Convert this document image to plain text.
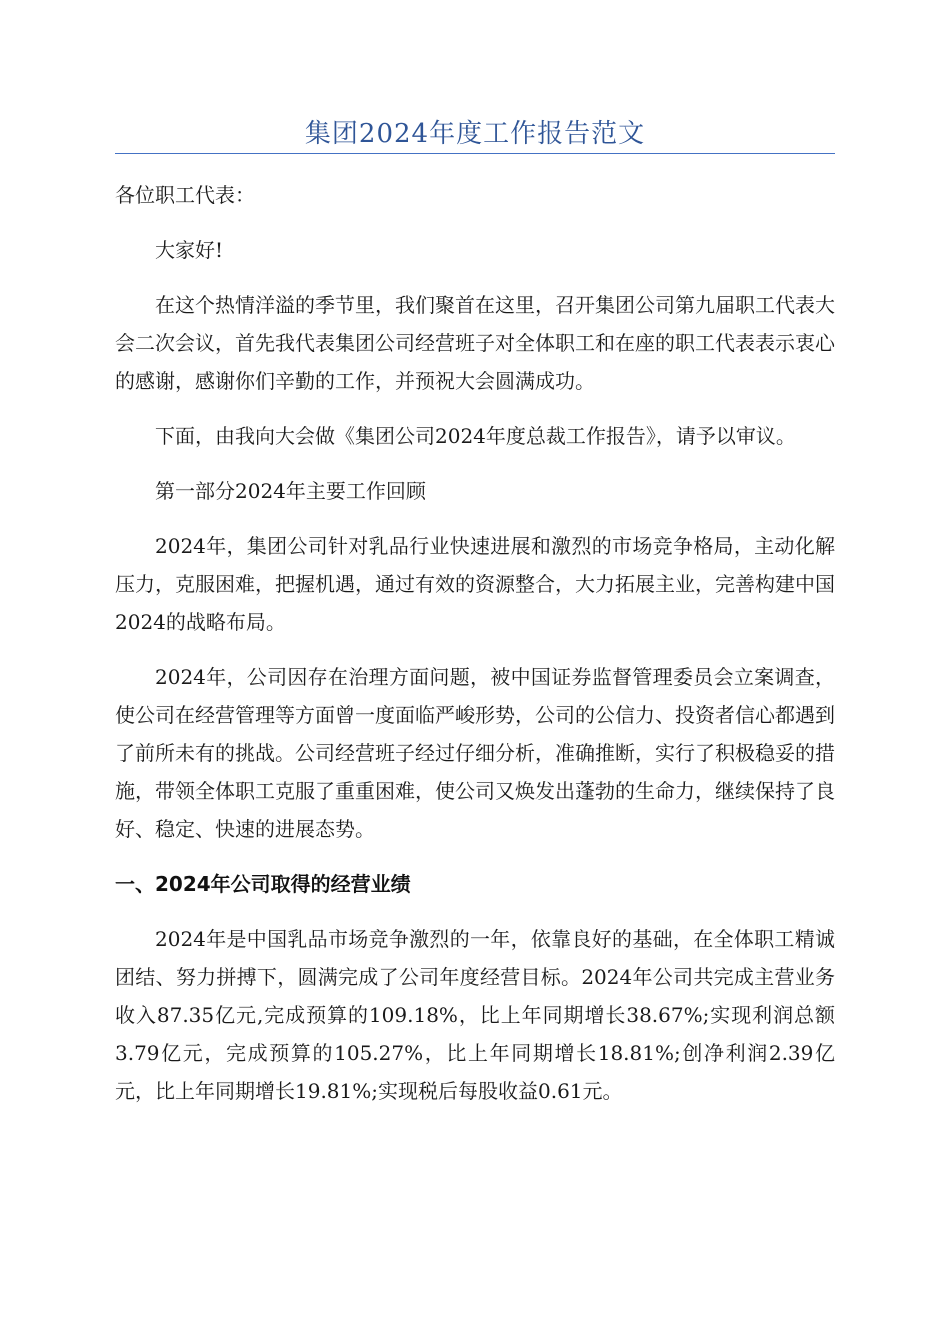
集团2024年度工作报告范文
各位职工代表：

大家好!

在这个热情洋溢的季节里，我们聚首在这里，召开集团公司第九届职工代表大会二次会议，首先我代表集团公司经营班子对全体职工和在座的职工代表表示衷心的感谢，感谢你们辛勤的工作，并预祝大会圆满成功。

下面，由我向大会做《集团公司2024年度总裁工作报告》，请予以审议。

第一部分2024年主要工作回顾

2024年，集团公司针对乳品行业快速进展和激烈的市场竞争格局，主动化解压力，克服困难，把握机遇，通过有效的资源整合，大力拓展主业，完善构建中国2024的战略布局。

2024年，公司因存在治理方面问题，被中国证券监督管理委员会立案调查，使公司在经营管理等方面曾一度面临严峻形势，公司的公信力、投资者信心都遇到了前所未有的挑战。公司经营班子经过仔细分析，准确推断，实行了积极稳妥的措施，带领全体职工克服了重重困难，使公司又焕发出蓬勃的生命力，继续保持了良好、稳定、快速的进展态势。

一、2024年公司取得的经营业绩

2024年是中国乳品市场竞争激烈的一年，依靠良好的基础，在全体职工精诚团结、努力拼搏下，圆满完成了公司年度经营目标。2024年公司共完成主营业务收入87.35亿元,完成预算的109.18%，比上年同期增长38.67%;实现利润总额3.79亿元，完成预算的105.27%，比上年同期增长18.81%;创净利润2.39亿元，比上年同期增长19.81%;实现税后每股收益0.61元。
